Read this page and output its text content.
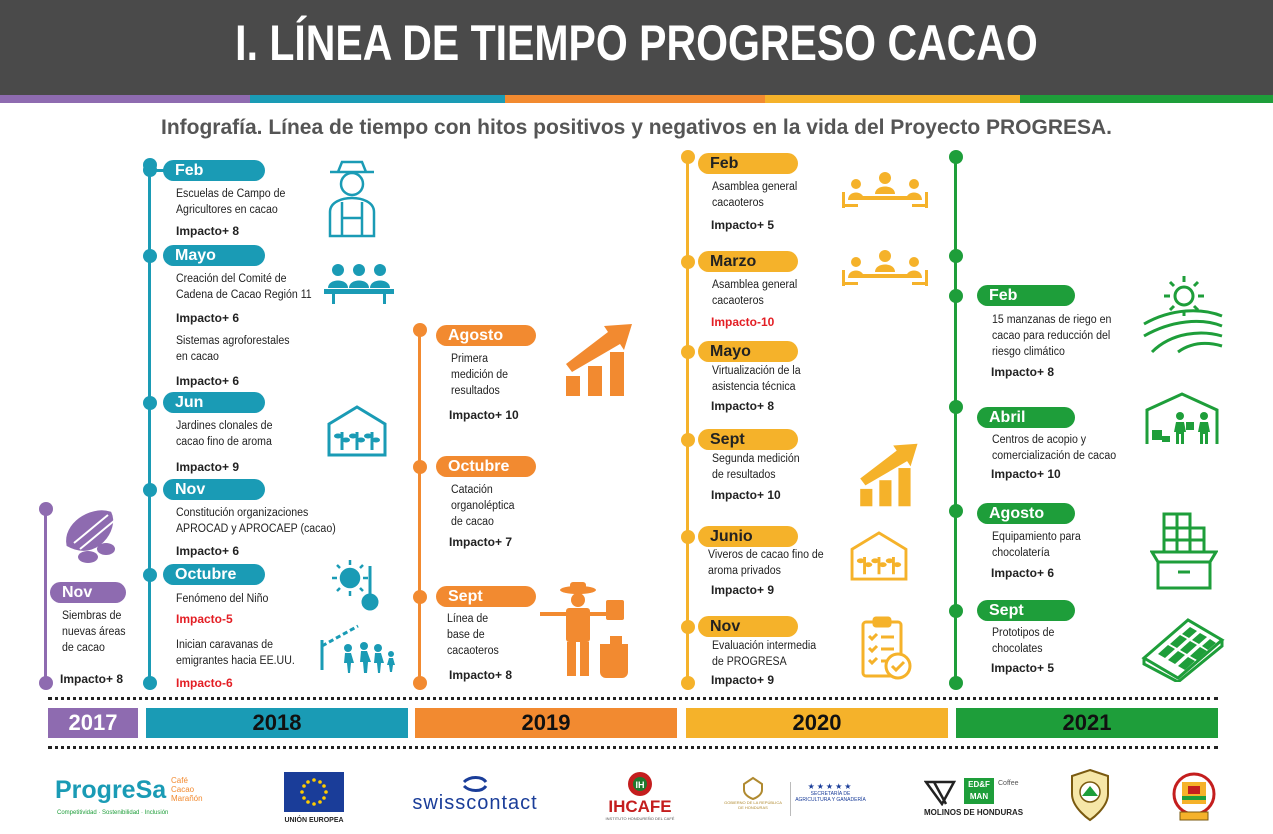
I. LÍNEA DE TIEMPO PROGRESO CACAO
Infografía. Línea de tiempo con hitos positivos y negativos en la vida del Proyecto PROGRESA.
Nov
Siembras de
nuevas áreas
de cacao
Impacto+ 8
Feb
Escuelas de Campo de
Agricultores en cacao
Impacto+ 8
Mayo
Creación del Comité de
Cadena de Cacao Región 11
Impacto+ 6
Sistemas agroforestales
en cacao
Impacto+ 6
Jun
Jardines clonales de
cacao fino de aroma
Impacto+ 9
Nov
Constitución organizaciones
APROCAD y APROCAEP (cacao)
Impacto+ 6
Octubre
Fenómeno del Niño
Impacto-5
Inician caravanas de
emigrantes hacia EE.UU.
Impacto-6
Agosto
Primera
medición de
resultados
Impacto+ 10
Octubre
Catación
organoléptica
de cacao
Impacto+ 7
Sept
Línea de
base de
cacaoteros
Impacto+ 8
Feb
Asamblea general
cacaoteros
Impacto+ 5
Marzo
Asamblea general
cacaoteros
Impacto-10
Mayo
Virtualización de la
asistencia técnica
Impacto+ 8
Sept
Segunda medición
de resultados
Impacto+ 10
Junio
Viveros de cacao fino de
aroma privados
Impacto+ 9
Nov
Evaluación intermedia
de PROGRESA
Impacto+ 9
Feb
15 manzanas de riego en
cacao para reducción del
riesgo climático
Impacto+ 8
Abril
Centros de acopio y
comercialización de cacao
Impacto+ 10
Agosto
Equipamiento para
chocolatería
Impacto+ 6
Sept
Prototipos de
chocolates
Impacto+ 5
2017	2018	2019	2020	2021
ProgreSa Café
Cacao
Marañón
Competitividad · Sostenibilidad · Inclusión
UNIÓN EUROPEA
swisscontact
IH
IHCAFE
INSTITUTO HONDUREÑO DEL CAFÉ
GOBIERNO DE LA REPÚBLICA DE HONDURAS
★★★★★
SECRETARÍA DE AGRICULTURA Y GANADERÍA
ED&F MAN
Coffee
MOLINOS DE HONDURAS
